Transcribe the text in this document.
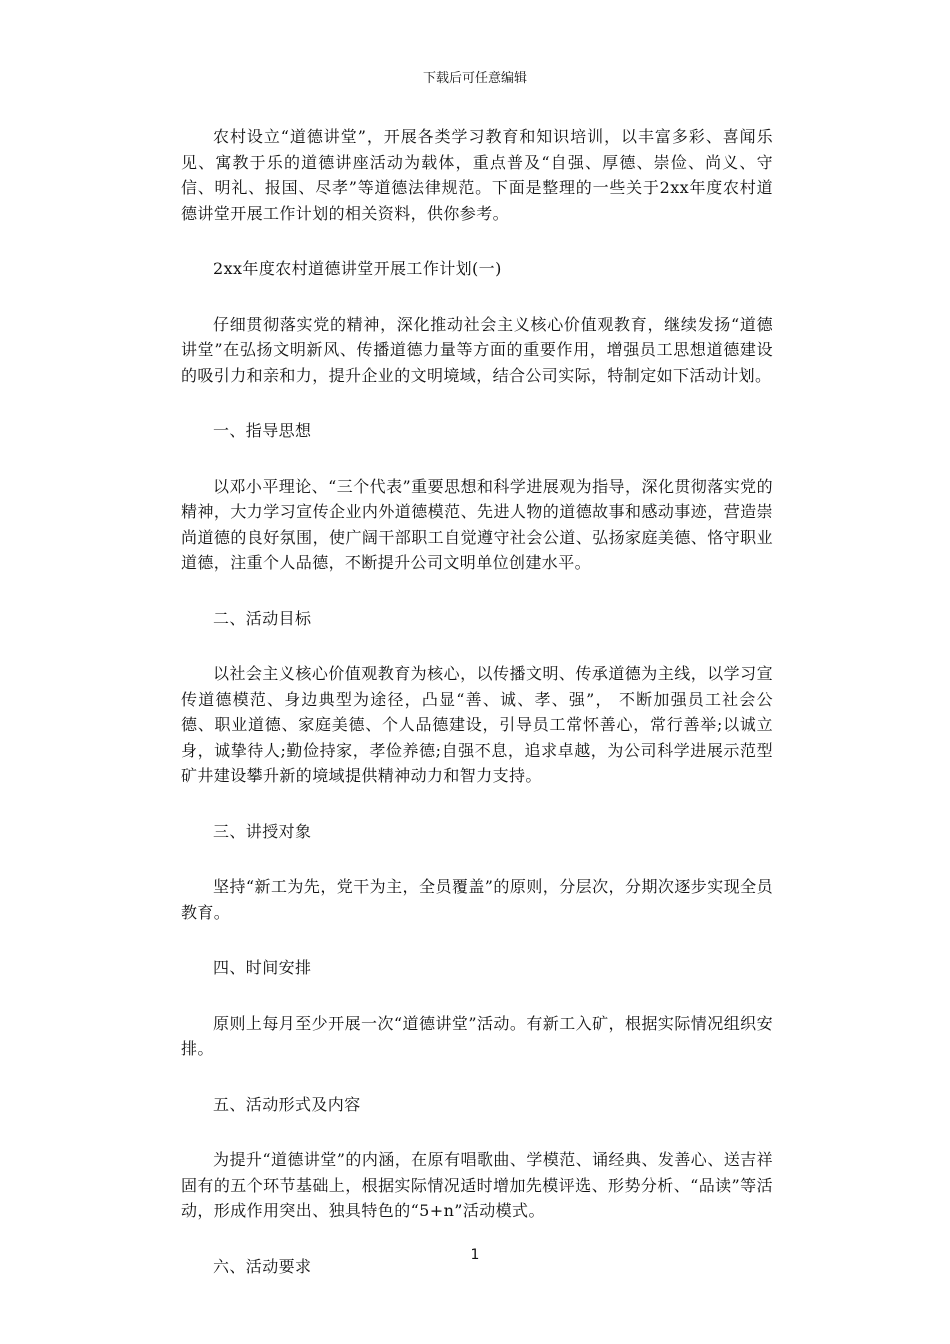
下载后可任意编辑

农村设立“道德讲堂”，开展各类学习教育和知识培训，以丰富多彩、喜闻乐见、寓教于乐的道德讲座活动为载体，重点普及“自强、厚德、崇俭、尚义、守信、明礼、报国、尽孝”等道德法律规范。下面是整理的一些关于2xx年度农村道德讲堂开展工作计划的相关资料，供你参考。

2xx年度农村道德讲堂开展工作计划(一)

仔细贯彻落实党的精神，深化推动社会主义核心价值观教育，继续发扬“道德讲堂”在弘扬文明新风、传播道德力量等方面的重要作用，增强员工思想道德建设的吸引力和亲和力，提升企业的文明境域，结合公司实际，特制定如下活动计划。

一、指导思想

以邓小平理论、“三个代表”重要思想和科学进展观为指导，深化贯彻落实党的精神，大力学习宣传企业内外道德模范、先进人物的道德故事和感动事迹，营造崇尚道德的良好氛围，使广阔干部职工自觉遵守社会公道、弘扬家庭美德、恪守职业道德，注重个人品德，不断提升公司文明单位创建水平。

二、活动目标

以社会主义核心价值观教育为核心，以传播文明、传承道德为主线，以学习宣传道德模范、身边典型为途径，凸显“善、诚、孝、强”， 不断加强员工社会公德、职业道德、家庭美德、个人品德建设，引导员工常怀善心，常行善举;以诚立身，诚挚待人;勤俭持家，孝俭养德;自强不息，追求卓越，为公司科学进展示范型矿井建设攀升新的境域提供精神动力和智力支持。

三、讲授对象

坚持“新工为先，党干为主，全员覆盖”的原则，分层次，分期次逐步实现全员教育。

四、时间安排

原则上每月至少开展一次“道德讲堂”活动。有新工入矿，根据实际情况组织安排。

五、活动形式及内容

为提升“道德讲堂”的内涵，在原有唱歌曲、学模范、诵经典、发善心、送吉祥固有的五个环节基础上，根据实际情况适时增加先模评选、形势分析、“品读”等活动，形成作用突出、独具特色的“5+n”活动模式。

六、活动要求

1
